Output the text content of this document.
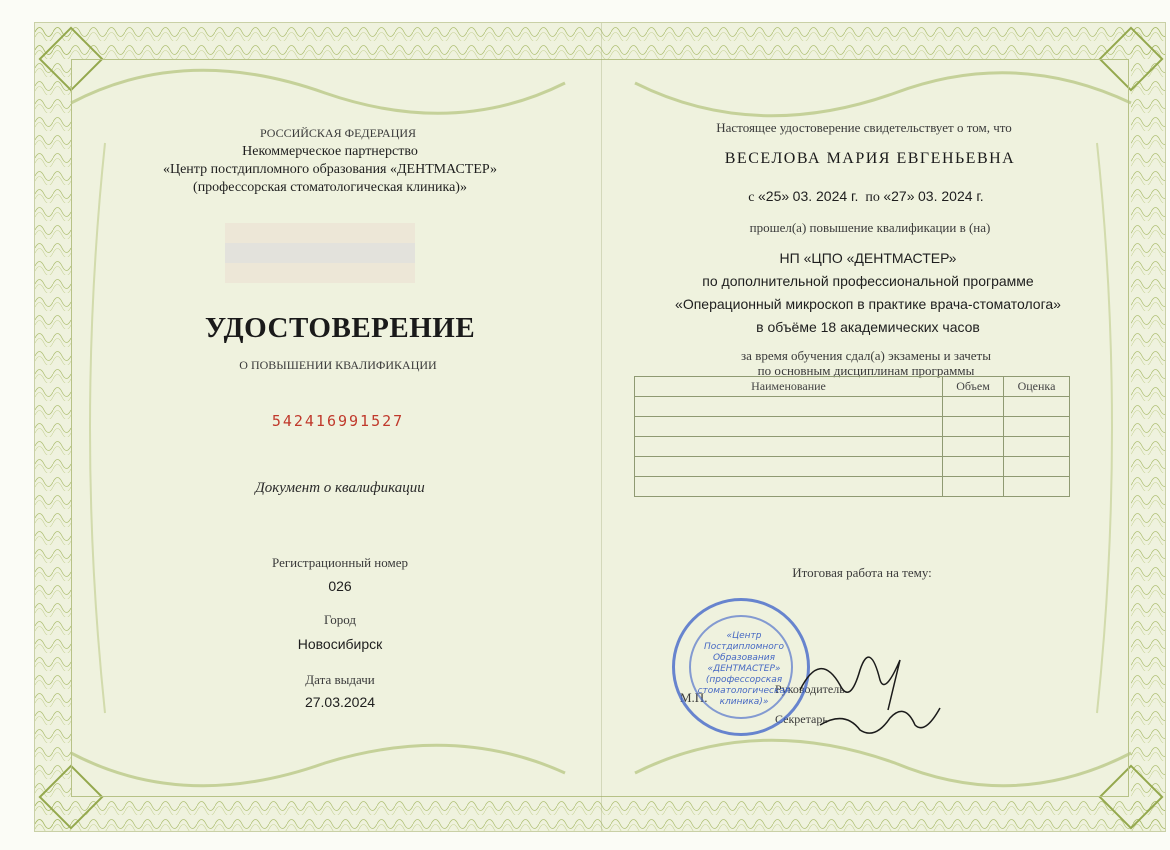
РОССИЙСКАЯ ФЕДЕРАЦИЯ
Некоммерческое партнерство
«Центр постдипломного образования «ДЕНТМАСТЕР»
(профессорская стоматологическая клиника)»
УДОСТОВЕРЕНИЕ
О ПОВЫШЕНИИ КВАЛИФИКАЦИИ
542416991527
Документ о квалификации
Регистрационный номер
026
Город
Новосибирск
Дата выдачи
27.03.2024
Настоящее удостоверение свидетельствует о том, что
ВЕСЕЛОВА МАРИЯ ЕВГЕНЬЕВНА
с «25» 03. 2024 г. по «27» 03. 2024 г.
прошел(а) повышение квалификации в (на)
НП «ЦПО «ДЕНТМАСТЕР»
по дополнительной профессиональной программе
«Операционный микроскоп в практике врача-стоматолога»
в объёме 18 академических часов
за время обучения сдал(а) экзамены и зачеты
по основным дисциплинам программы
Наименование	Объем	Оценка

Итоговая работа на тему:
М.П.
Руководитель
Секретарь
«Центр
Постдипломного
Образования
«ДЕНТМАСТЕР»
(профессорская
стоматологическая
клиника)»
